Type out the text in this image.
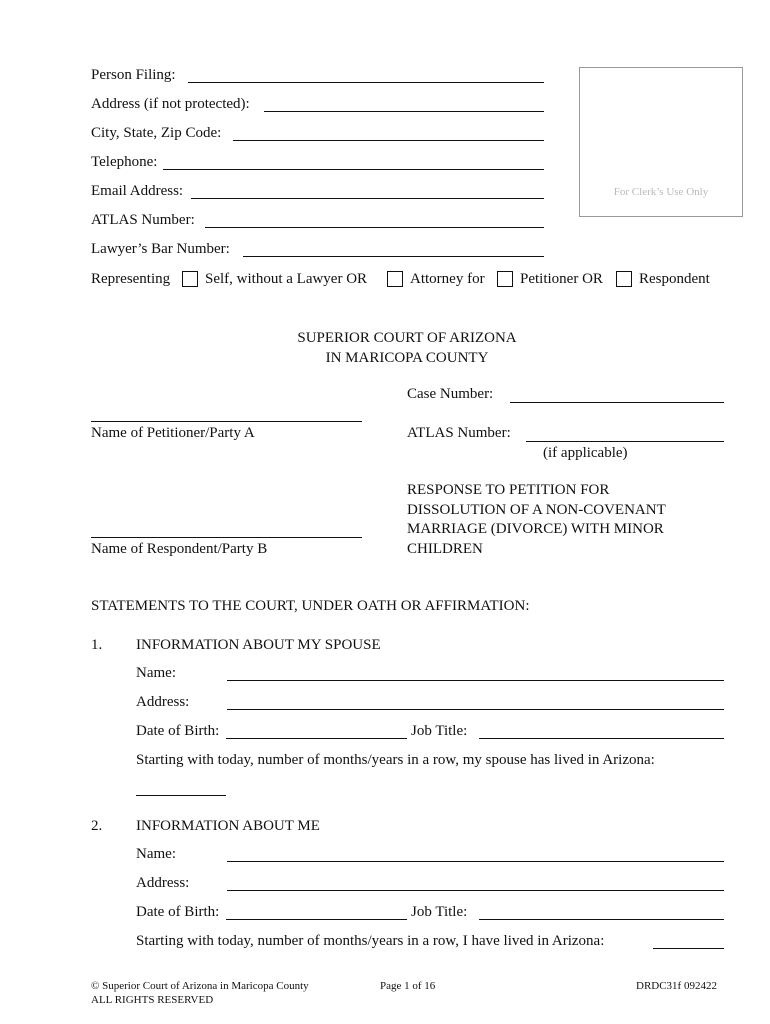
Person Filing:
Address (if not protected):
City, State, Zip Code:
Telephone:
Email Address:
ATLAS Number:
Lawyer’s Bar Number:
Representing Self, without a Lawyer OR	Attorney for Petitioner OR Respondent
For Clerk’s Use Only
SUPERIOR COURT OF ARIZONA
IN MARICOPA COUNTY
Case Number:
Name of Petitioner/Party A	ATLAS Number:
(if applicable)
RESPONSE TO PETITION FOR
DISSOLUTION OF A NON-COVENANT
MARRIAGE (DIVORCE) WITH MINOR
CHILDREN
Name of Respondent/Party B
STATEMENTS TO THE COURT, UNDER OATH OR AFFIRMATION:
1. INFORMATION ABOUT MY SPOUSE
Name:
Address:
Date of Birth:	Job Title:
Starting with today, number of months/years in a row, my spouse has lived in Arizona:
2. INFORMATION ABOUT ME
Name:
Address:
Date of Birth:	Job Title:
Starting with today, number of months/years in a row, I have lived in Arizona:
© Superior Court of Arizona in Maricopa County
ALL RIGHTS RESERVED
Page 1 of 16	DRDC31f 092422
